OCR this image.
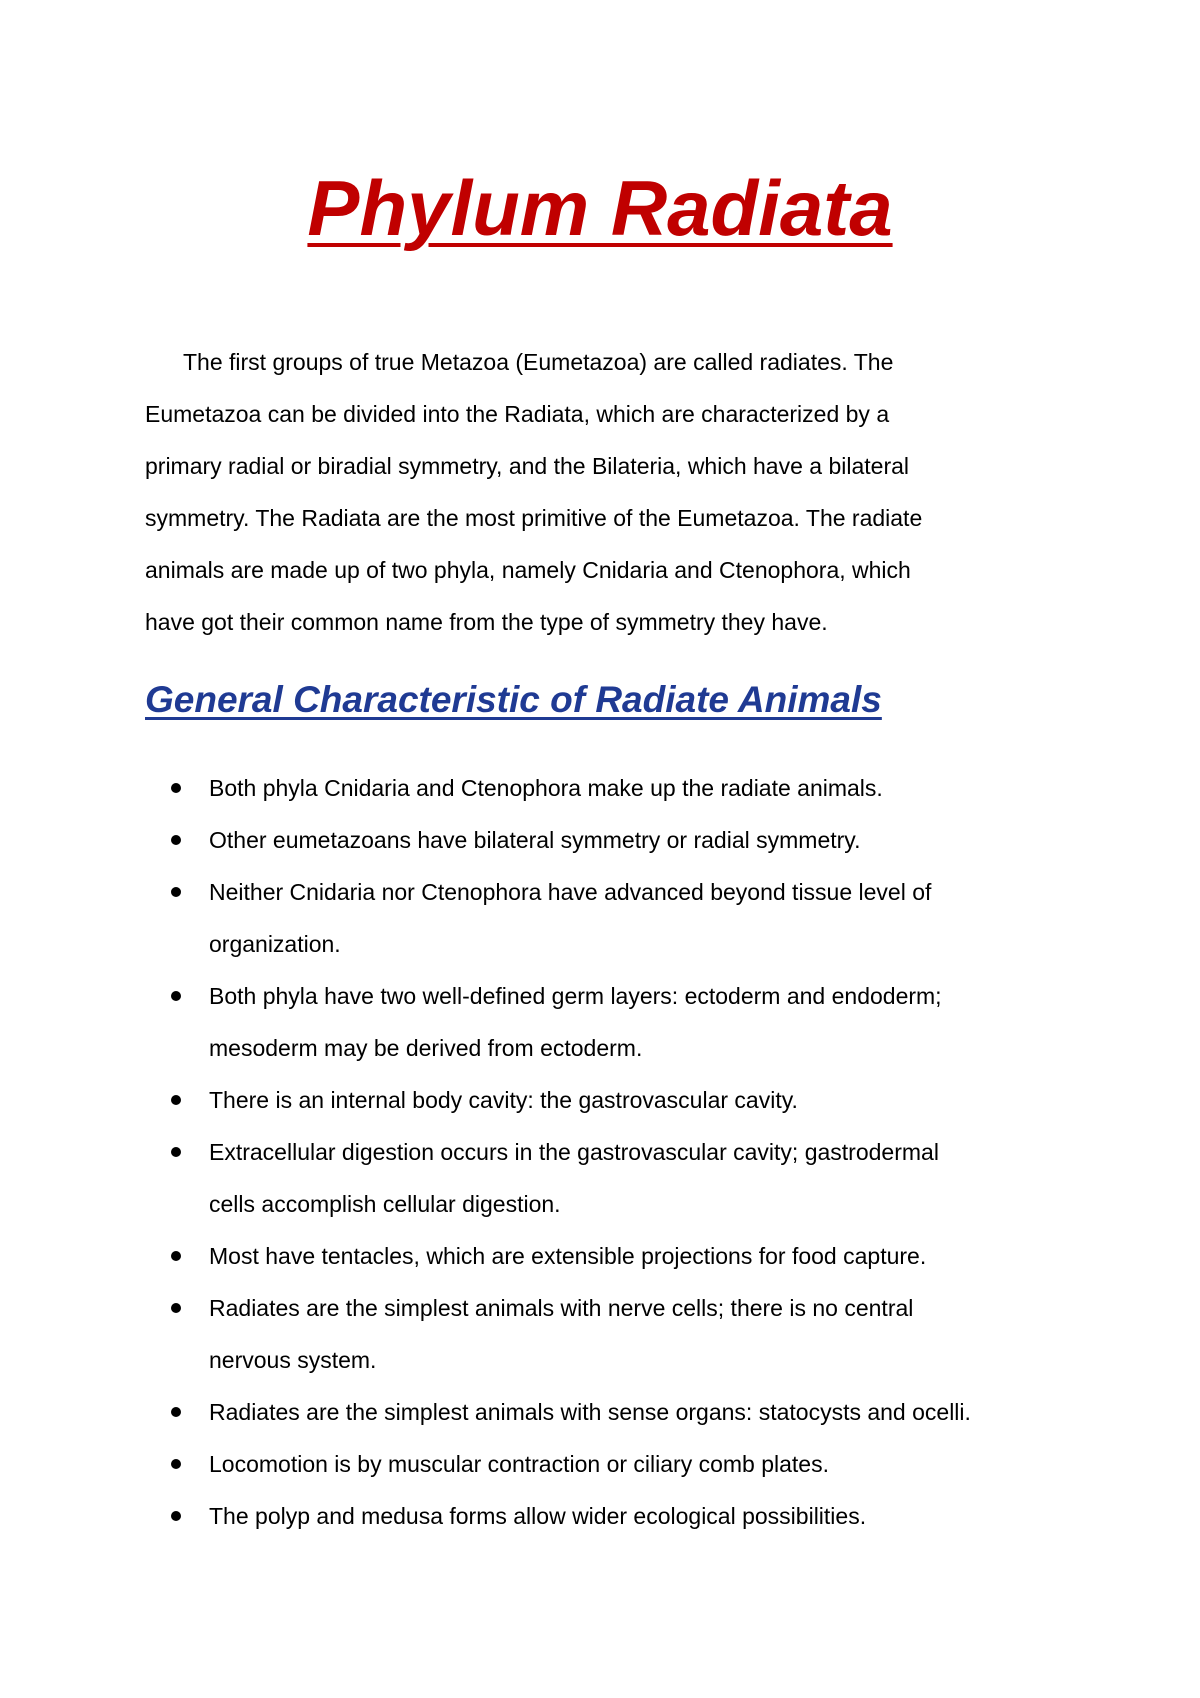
Phylum Radiata

The first groups of true Metazoa (Eumetazoa) are called radiates. The
Eumetazoa can be divided into the Radiata, which are characterized by a
primary radial or biradial symmetry, and the Bilateria, which have a bilateral
symmetry. The Radiata are the most primitive of the Eumetazoa. The radiate
animals are made up of two phyla, namely Cnidaria and Ctenophora, which
have got their common name from the type of symmetry they have.

General Characteristic of Radiate Animals
Both phyla Cnidaria and Ctenophora make up the radiate animals.
Other eumetazoans have bilateral symmetry or radial symmetry.
Neither Cnidaria nor Ctenophora have advanced beyond tissue level of
organization.
Both phyla have two well-defined germ layers: ectoderm and endoderm;
mesoderm may be derived from ectoderm.
There is an internal body cavity: the gastrovascular cavity.
Extracellular digestion occurs in the gastrovascular cavity; gastrodermal
cells accomplish cellular digestion.
Most have tentacles, which are extensible projections for food capture.
Radiates are the simplest animals with nerve cells; there is no central
nervous system.
Radiates are the simplest animals with sense organs: statocysts and ocelli.
Locomotion is by muscular contraction or ciliary comb plates.
The polyp and medusa forms allow wider ecological possibilities.
